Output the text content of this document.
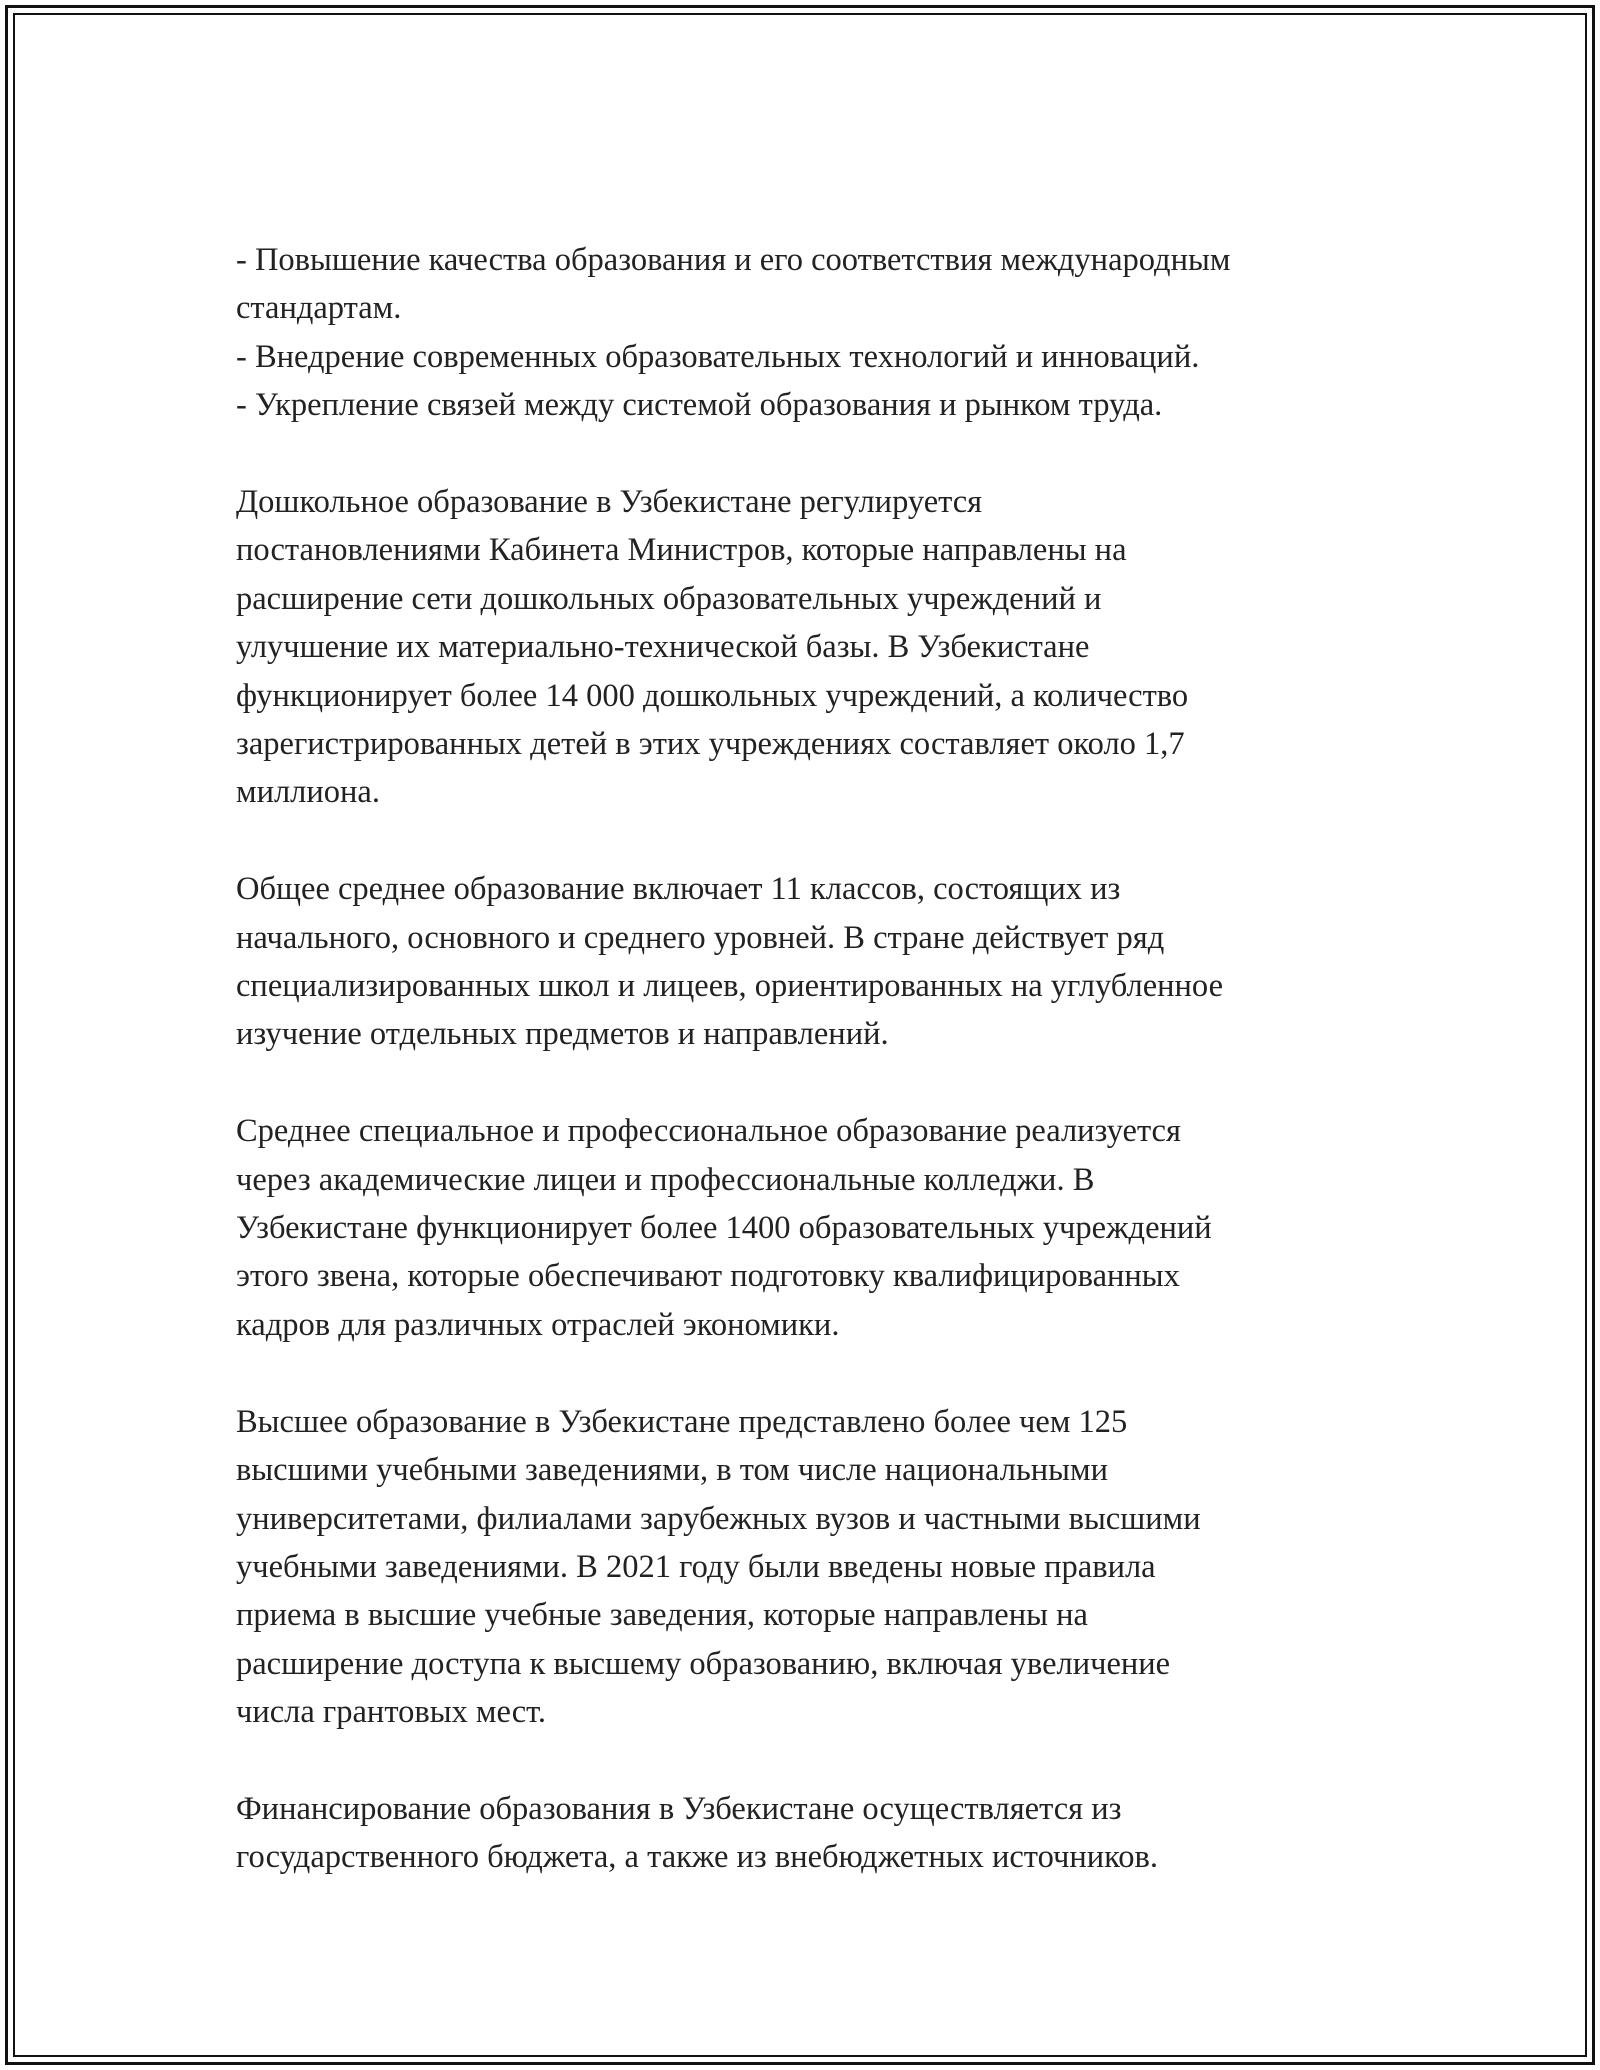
- Повышение качества образования и его соответствия международным
стандартам.
- Внедрение современных образовательных технологий и инноваций.
- Укрепление связей между системой образования и рынком труда.
Дошкольное образование в Узбекистане регулируется
постановлениями Кабинета Министров, которые направлены на
расширение сети дошкольных образовательных учреждений и
улучшение их материально-технической базы. В Узбекистане
функционирует более 14 000 дошкольных учреждений, а количество
зарегистрированных детей в этих учреждениях составляет около 1,7
миллиона.
Общее среднее образование включает 11 классов, состоящих из
начального, основного и среднего уровней. В стране действует ряд
специализированных школ и лицеев, ориентированных на углубленное
изучение отдельных предметов и направлений.
Среднее специальное и профессиональное образование реализуется
через академические лицеи и профессиональные колледжи. В
Узбекистане функционирует более 1400 образовательных учреждений
этого звена, которые обеспечивают подготовку квалифицированных
кадров для различных отраслей экономики.
Высшее образование в Узбекистане представлено более чем 125
высшими учебными заведениями, в том числе национальными
университетами, филиалами зарубежных вузов и частными высшими
учебными заведениями. В 2021 году были введены новые правила
приема в высшие учебные заведения, которые направлены на
расширение доступа к высшему образованию, включая увеличение
числа грантовых мест.
Финансирование образования в Узбекистане осуществляется из
государственного бюджета, а также из внебюджетных источников.
